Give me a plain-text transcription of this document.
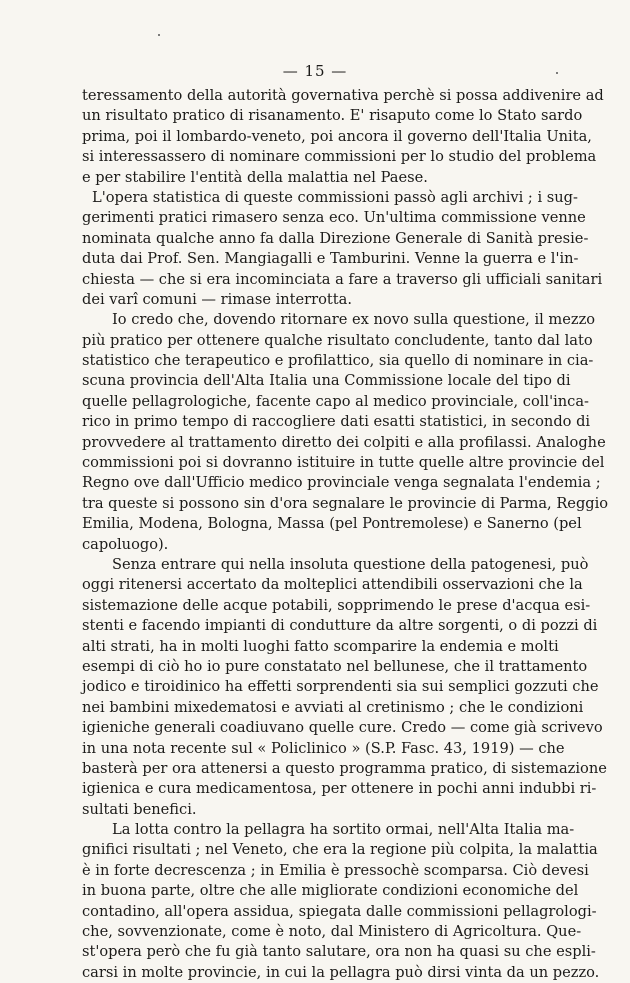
— 15 —
teressamento della autorità governativa perchè si possa addivenire ad
un risultato pratico di risanamento. E' risaputo come lo Stato sardo
prima, poi il lombardo-veneto, poi ancora il governo dell'Italia Unita,
si interessassero di nominare commissioni per lo studio del problema
e per stabilire l'entità della malattia nel Paese.
L'opera statistica di queste commissioni passò agli archivi ; i sug-
gerimenti pratici rimasero senza eco. Un'ultima commissione venne
nominata qualche anno fa dalla Direzione Generale di Sanità presie-
duta dai Prof. Sen. Mangiagalli e Tamburini. Venne la guerra e l'in-
chiesta — che si era incominciata a fare a traverso gli ufficiali sanitari
dei varî comuni — rimase interrotta.
Io credo che, dovendo ritornare ex novo sulla questione, il mezzo
più pratico per ottenere qualche risultato concludente, tanto dal lato
statistico che terapeutico e profilattico, sia quello di nominare in cia-
scuna provincia dell'Alta Italia una Commissione locale del tipo di
quelle pellagrologiche, facente capo al medico provinciale, coll'inca-
rico in primo tempo di raccogliere dati esatti statistici, in secondo di
provvedere al trattamento diretto dei colpiti e alla profilassi. Analoghe
commissioni poi si dovranno istituire in tutte quelle altre provincie del
Regno ove dall'Ufficio medico provinciale venga segnalata l'endemia ;
tra queste si possono sin d'ora segnalare le provincie di Parma, Reggio
Emilia, Modena, Bologna, Massa (pel Pontremolese) e Sanerno (pel
capoluogo).
Senza entrare qui nella insoluta questione della patogenesi, può
oggi ritenersi accertato da molteplici attendibili osservazioni che la
sistemazione delle acque potabili, sopprimendo le prese d'acqua esi-
stenti e facendo impianti di condutture da altre sorgenti, o di pozzi di
alti strati, ha in molti luoghi fatto scomparire la endemia e molti
esempi di ciò ho io pure constatato nel bellunese, che il trattamento
jodico e tiroidinico ha effetti sorprendenti sia sui semplici gozzuti che
nei bambini mixedematosi e avviati al cretinismo ; che le condizioni
igieniche generali coadiuvano quelle cure. Credo — come già scrivevo
in una nota recente sul « Policlinico » (S.P. Fasc. 43, 1919) — che
basterà per ora attenersi a questo programma pratico, di sistemazione
igienica e cura medicamentosa, per ottenere in pochi anni indubbi ri-
sultati benefici.
La lotta contro la pellagra ha sortito ormai, nell'Alta Italia ma-
gnifici risultati ; nel Veneto, che era la regione più colpita, la malattia
è in forte decrescenza ; in Emilia è pressochè scomparsa. Ciò devesi
in buona parte, oltre che alle migliorate condizioni economiche del
contadino, all'opera assidua, spiegata dalle commissioni pellagrologi-
che, sovvenzionate, come è noto, dal Ministero di Agricoltura. Que-
st'opera però che fu già tanto salutare, ora non ha quasi su che espli-
carsi in molte provincie, in cui la pellagra può dirsi vinta da un pezzo.
